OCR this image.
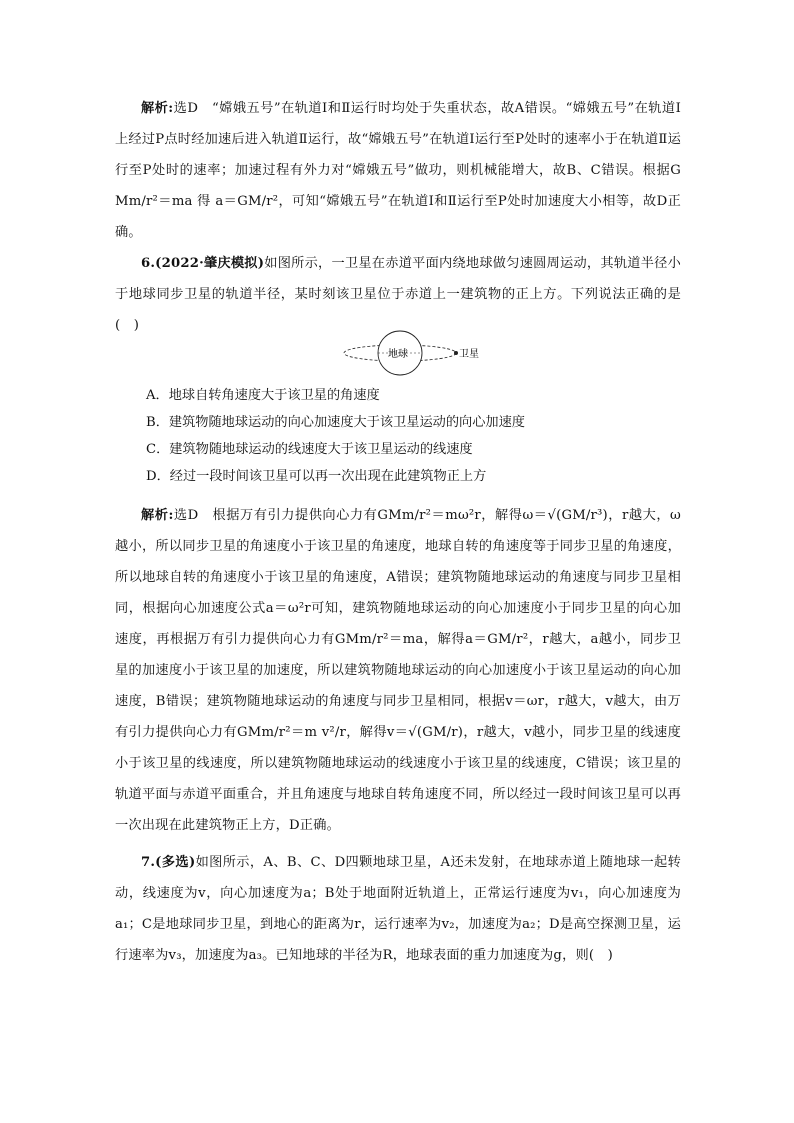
解析:选D　“嫦娥五号”在轨道Ⅰ和Ⅱ运行时均处于失重状态，故A错误。“嫦娥五号”在轨道Ⅰ上经过P点时经加速后进入轨道Ⅱ运行，故“嫦娥五号”在轨道Ⅰ运行至P处时的速率小于在轨道Ⅱ运行至P处时的速率；加速过程有外力对“嫦娥五号”做功，则机械能增大，故B、C错误。根据G Mm/r²＝ma 得 a＝GM/r²，可知“嫦娥五号”在轨道Ⅰ和Ⅱ运行至P处时加速度大小相等，故D正确。

6.(2022·肇庆模拟)如图所示，一卫星在赤道平面内绕地球做匀速圆周运动，其轨道半径小于地球同步卫星的轨道半径，某时刻该卫星位于赤道上一建筑物的正上方。下列说法正确的是(　)

地球	卫星
A．地球自转角速度大于该卫星的角速度
B．建筑物随地球运动的向心加速度大于该卫星运动的向心加速度
C．建筑物随地球运动的线速度大于该卫星运动的线速度
D．经过一段时间该卫星可以再一次出现在此建筑物正上方

解析:选D　根据万有引力提供向心力有GMm/r²＝mω²r，解得ω＝√(GM/r³)，r越大，ω越小，所以同步卫星的角速度小于该卫星的角速度，地球自转的角速度等于同步卫星的角速度，所以地球自转的角速度小于该卫星的角速度，A错误；建筑物随地球运动的角速度与同步卫星相同，根据向心加速度公式a＝ω²r可知，建筑物随地球运动的向心加速度小于同步卫星的向心加速度，再根据万有引力提供向心力有GMm/r²＝ma，解得a＝GM/r²，r越大，a越小，同步卫星的加速度小于该卫星的加速度，所以建筑物随地球运动的向心加速度小于该卫星运动的向心加速度，B错误；建筑物随地球运动的角速度与同步卫星相同，根据v＝ωr，r越大，v越大，由万有引力提供向心力有GMm/r²＝m v²/r，解得v＝√(GM/r)，r越大，v越小，同步卫星的线速度小于该卫星的线速度，所以建筑物随地球运动的线速度小于该卫星的线速度，C错误；该卫星的轨道平面与赤道平面重合，并且角速度与地球自转角速度不同，所以经过一段时间该卫星可以再一次出现在此建筑物正上方，D正确。

7.(多选)如图所示，A、B、C、D四颗地球卫星，A还未发射，在地球赤道上随地球一起转动，线速度为v，向心加速度为a；B处于地面附近轨道上，正常运行速度为v₁，向心加速度为a₁；C是地球同步卫星，到地心的距离为r，运行速率为v₂，加速度为a₂；D是高空探测卫星，运行速率为v₃，加速度为a₃。已知地球的半径为R，地球表面的重力加速度为g，则(　)
